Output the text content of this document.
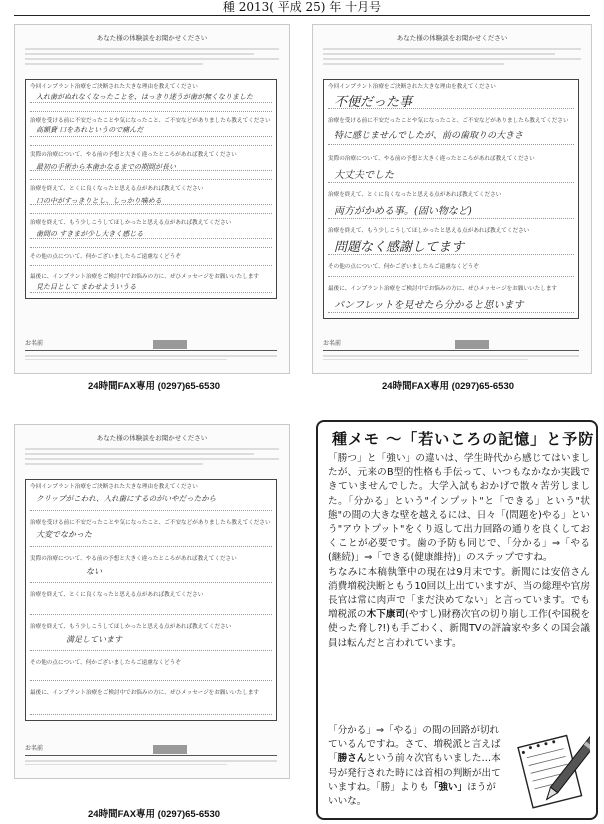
種 2013( 平成 25) 年 十月号
あなた様の体験談をお聞かせください
今回インプラント治療をご決断された大きな理由を教えてください
入れ歯がぬれなくなったことを、はっきり迷うが歯が無くなりました
治療を受ける前に不安だったことや気になったこと、ご不安などがありましたら教えてください
高額費 口をあれというので痛んだ
実際の治療について、やる前の予想と大きく違ったところがあれば教えてください
最初の手術から本歯かなるまでの期間が長い
治療を終えて、とくに良くなったと思える点があれば教えてください
口の中がすっきりとし、しっかり噛める
治療を終えて、もう少しこうしてほしかったと思える点があれば教えてください
歯間の すきまが少し大きく感じる
その他の点について、何かございましたらご遠慮なくどうぞ
最後に、インプラント治療をご検討中でお悩みの方に、ぜひメッセージをお願いいたします
見た目として まわせよういうる
お名前
24時間FAX専用 (0297)65-6530
あなた様の体験談をお聞かせください
今回インプラント治療をご決断された大きな理由を教えてください
不便だった事
治療を受ける前に不安だったことや気になったこと、ご不安などがありましたら教えてください
特に感じませんでしたが、前の歯取りの大きさ
実際の治療について、やる前の予想と大きく違ったところがあれば教えてください
大丈夫でした
治療を終えて、とくに良くなったと思える点があれば教えてください
両方がかめる事。(固い物など)
治療を終えて、もう少しこうしてほしかったと思える点があれば教えてください
問題なく感謝してます
その他の点について、何かございましたらご遠慮なくどうぞ
最後に、インプラント治療をご検討中でお悩みの方に、ぜひメッセージをお願いいたします
パンフレットを見せたら分かると思います
お名前
24時間FAX専用 (0297)65-6530
あなた様の体験談をお聞かせください
今回インプラント治療をご決断された大きな理由を教えてください
クリップがこわれ、入れ歯にするのがいやだったから
治療を受ける前に不安だったことや気になったこと、ご不安などがありましたら教えてください
大変でなかった
実際の治療について、やる前の予想と大きく違ったところがあれば教えてください
ない
治療を終えて、とくに良くなったと思える点があれば教えてください
治療を終えて、もう少しこうしてほしかったと思える点があれば教えてください
満足しています
その他の点について、何かございましたらご遠慮なくどうぞ
最後に、インプラント治療をご検討中でお悩みの方に、ぜひメッセージをお願いいたします
お名前
24時間FAX専用 (0297)65-6530
種メモ ～「若いころの記憶」と予防
「勝つ」と「強い」の違いは、学生時代から感じてはいましたが、元来のB型的性格も手伝って、いつもなかなか実践できていませんでした。大学入試もおかげで散々苦労しました。「分かる」という"インプット"と「できる」という"状態"の間の大きな壁を越えるには、日々「(問題を)やる」という"アウトプット"をくり返して出力回路の通りを良くしておくことが必要です。歯の予防も同じで、「分かる」⇒「やる(継続)」⇒「できる(健康維持)」のステップですね。
ちなみに本稿執筆中の現在は9月末です。新聞には安倍さん消費増税決断ともう10回以上出ていますが、当の総理や官房長官は常に肉声で「まだ決めてない」と言っています。でも増税派の木下康司(やすし)財務次官の切り崩し工作(や国税を使った脅し?!)も手ごわく、新聞TVの評論家や多くの国会議員は転んだと言われています。
「分かる」⇒「やる」の間の回路が切れているんですね。さて、増税派と言えば「勝さんという前々次官もいました…本号が発行された時には首相の判断が出ていますね。「勝」よりも「強い」ほうがいいな。
